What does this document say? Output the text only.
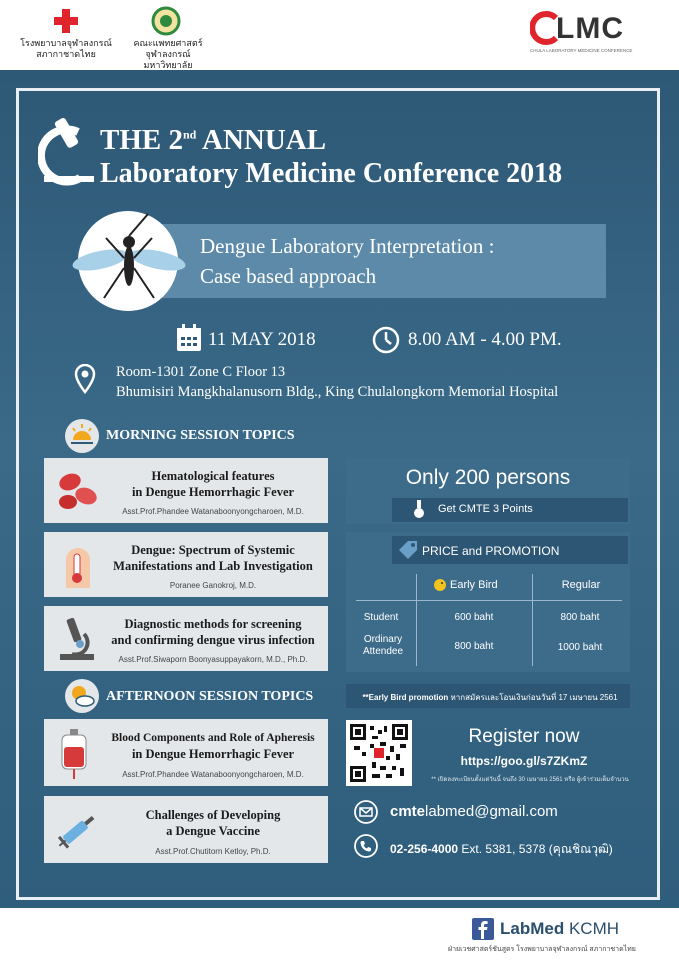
โรงพยาบาลจุฬาลงกรณ์
สภากาชาดไทย
คณะแพทยศาสตร์
จุฬาลงกรณ์มหาวิทยาลัย
LMC
CHULA LABORATORY MEDICINE CONFERENCE
THE 2nd ANNUAL
Laboratory Medicine Conference 2018
Dengue Laboratory Interpretation :
Case based approach
11 MAY 2018	8.00 AM - 4.00 PM.
Room-1301 Zone C Floor 13
Bhumisiri Mangkhalanusorn Bldg., King Chulalongkorn Memorial Hospital
MORNING SESSION TOPICS
Hematological features
in Dengue Hemorrhagic Fever
Asst.Prof.Phandee Watanaboonyongcharoen, M.D.
Dengue: Spectrum of Systemic
Manifestations and Lab Investigation
Poranee Ganokroj, M.D.
Diagnostic methods for screening
and confirming dengue virus infection
Asst.Prof.Siwaporn Boonyasuppayakorn, M.D., Ph.D.
AFTERNOON SESSION TOPICS
Blood Components and Role of Apheresis
in Dengue Hemorrhagic Fever
Asst.Prof.Phandee Watanaboonyongcharoen, M.D.
Challenges of Developing
a Dengue Vaccine
Asst.Prof.Chutitorn Ketloy, Ph.D.
Only 200 persons
Get CMTE 3 Points
PRICE and PROMOTION
Early Bird	Regular
Student	600 baht	800 baht
Ordinary
Attendee	800 baht	1000 baht
**Early Bird promotion หากสมัครและโอนเงินก่อนวันที่ 17 เมษายน 2561
Register now
https://goo.gl/s7ZKmZ
** เปิดลงทะเบียนตั้งแต่วันนี้ จนถึง 30 เมษายน 2561 หรือ ผู้เข้าร่วมเต็มจำนวน
cmtelabmed@gmail.com
02-256-4000 Ext. 5381, 5378 (คุณชิณวุฒิ)
LabMed KCMH
ฝ่ายเวชศาสตร์ชันสูตร โรงพยาบาลจุฬาลงกรณ์ สภากาชาดไทย
